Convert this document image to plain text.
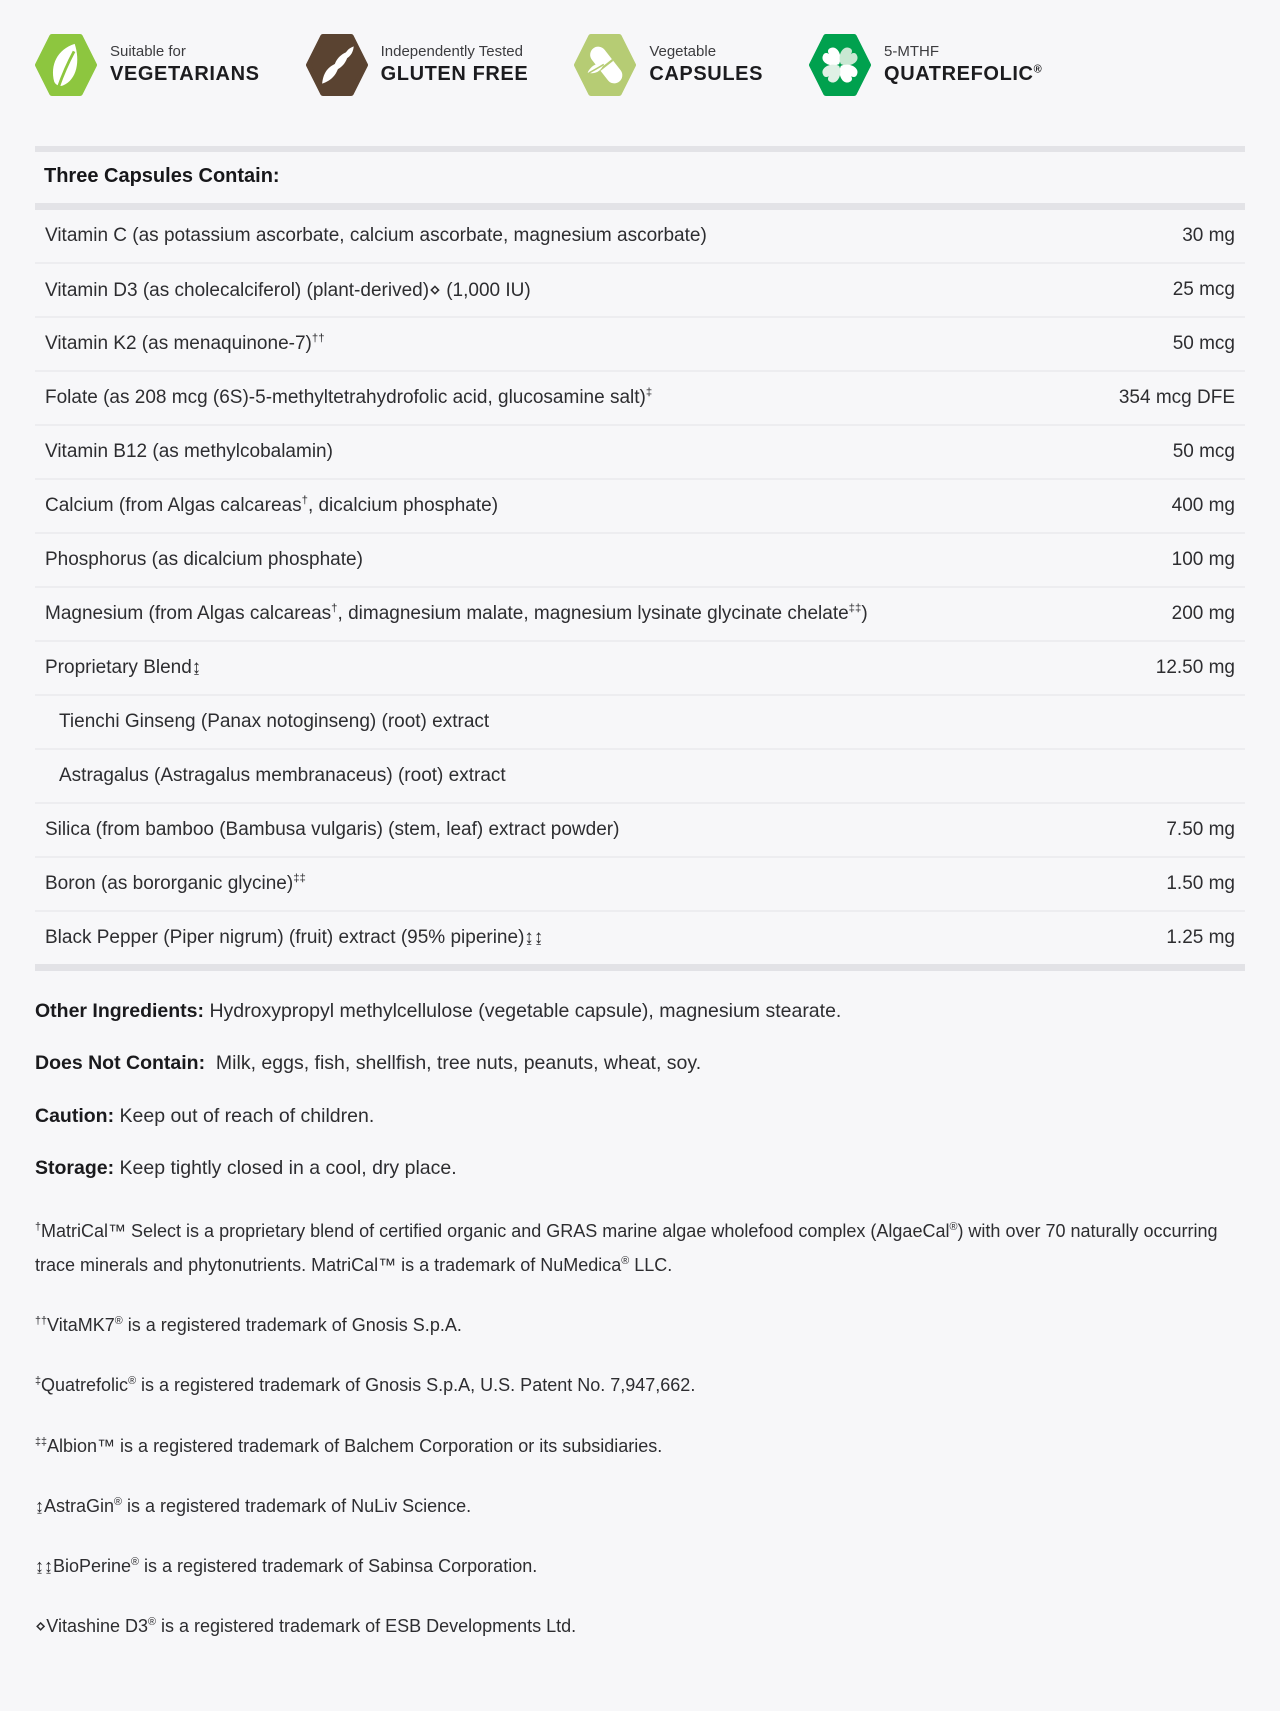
Suitable for
VEGETARIANS
Independently Tested
GLUTEN FREE
Vegetable
CAPSULES
5-MTHF
QUATREFOLIC®
Three Capsules Contain:
Vitamin C (as potassium ascorbate, calcium ascorbate, magnesium ascorbate)	30 mg
Vitamin D3 (as cholecalciferol) (plant-derived)⋄ (1,000 IU)	25 mcg
Vitamin K2 (as menaquinone-7)††	50 mcg
Folate (as 208 mcg (6S)-5-methyltetrahydrofolic acid, glucosamine salt)‡	354 mcg DFE
Vitamin B12 (as methylcobalamin)	50 mcg
Calcium (from Algas calcareas†, dicalcium phosphate)	400 mg
Phosphorus (as dicalcium phosphate)	100 mg
Magnesium (from Algas calcareas†, dimagnesium malate, magnesium lysinate glycinate chelate‡‡)	200 mg
Proprietary Blend↨	12.50 mg
Tienchi Ginseng (Panax notoginseng) (root) extract
Astragalus (Astragalus membranaceus) (root) extract
Silica (from bamboo (Bambusa vulgaris) (stem, leaf) extract powder)	7.50 mg
Boron (as bororganic glycine)‡‡	1.50 mg
Black Pepper (Piper nigrum) (fruit) extract (95% piperine)↨↨	1.25 mg

Other Ingredients: Hydroxypropyl methylcellulose (vegetable capsule), magnesium stearate.

Does Not Contain:  Milk, eggs, fish, shellfish, tree nuts, peanuts, wheat, soy.

Caution: Keep out of reach of children.

Storage: Keep tightly closed in a cool, dry place.

†MatriCal™ Select is a proprietary blend of certified organic and GRAS marine algae wholefood complex (AlgaeCal®) with over 70 naturally occurring trace minerals and phytonutrients. MatriCal™ is a trademark of NuMedica® LLC.

††VitaMK7® is a registered trademark of Gnosis S.p.A.

‡Quatrefolic® is a registered trademark of Gnosis S.p.A, U.S. Patent No. 7,947,662.

‡‡Albion™ is a registered trademark of Balchem Corporation or its subsidiaries.

↨AstraGin® is a registered trademark of NuLiv Science.

↨↨BioPerine® is a registered trademark of Sabinsa Corporation.

⋄Vitashine D3® is a registered trademark of ESB Developments Ltd.
